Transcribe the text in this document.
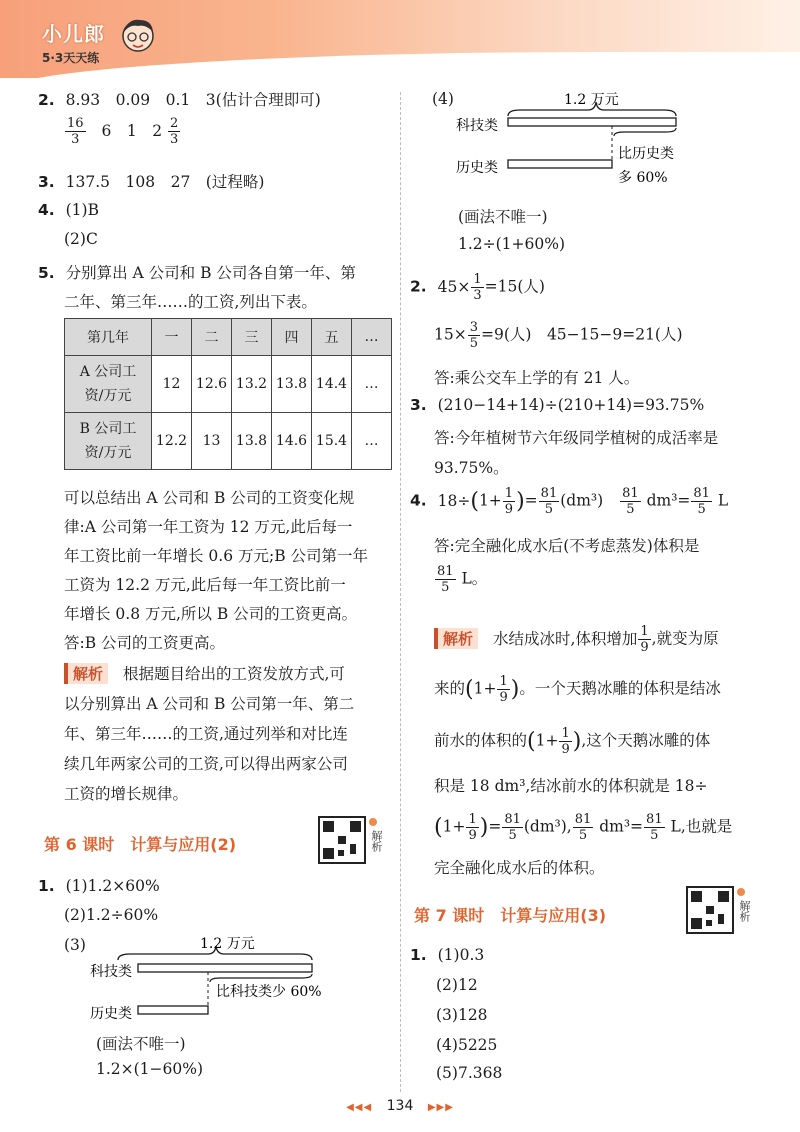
小儿郎
5·3天天练
2. 8.93　0.09　0.1　3(估计合理即可)
$\frac{16}{3} 6$　1　$2 \frac{2}{3}$
3. 137.5　108　27　(过程略)
4. (1)B
(2)C
5. 分别算出 A 公司和 B 公司各自第一年、第
二年、第三年……的工资,列出下表。
第几年	一	二	三	四	五	…
A 公司工
资/万元	12	12.6	13.2	13.8	14.4	…
B 公司工
资/万元	12.2	13	13.8	14.6	15.4	…
可以总结出 A 公司和 B 公司的工资变化规
律:A 公司第一年工资为 12 万元,此后每一
年工资比前一年增长 0.6 万元;B 公司第一年
工资为 12.2 万元,此后每一年工资比前一
年增长 0.8 万元,所以 B 公司的工资更高。
答:B 公司的工资更高。
解析 根据题目给出的工资发放方式,可
以分别算出 A 公司和 B 公司第一年、第二
年、第三年……的工资,通过列举和对比连
续几年两家公司的工资,可以得出两家公司
工资的增长规律。
第 6 课时　计算与应用(2)	解析
1. (1)1.2×60%
(2)1.2÷60%
(3)	1.2 万元
科技类
比科技类少 60%
历史类
(画法不唯一)
1.2×(1−60%)
(4)	1.2 万元
科技类
历史类
比历史类
多 60%
(画法不唯一)
1.2÷(1+60%)
2. $45\times \frac{1}{3} =15$(人)
$15\times \frac{3}{5} =9$(人)　45−15−9=21(人)
答:乘公交车上学的有 21 人。
3. (210−14+14)÷(210+14)=93.75%
答:今年植树节六年级同学植树的成活率是
93.75%。
4. $18\div(1+ \frac{1}{9}$ )= $\frac{81}{5} (dm^3) \frac{81}{5} dm^3= \frac{81}{5}$ L
答:完全融化成水后(不考虑蒸发)体积是
$\frac{81}{5}$ L。
解析 水结成冰时,体积增加 $\frac{1}{9}$ ,就变为原
来的($1+ \frac{1}{9}$ )。一个天鹅冰雕的体积是结冰
前水的体积的($1+ \frac{1}{9}$ ),这个天鹅冰雕的体
积是 18 dm³,结冰前水的体积就是 18÷
($1+ \frac{1}{9}$ )= $\frac{81}{5} (dm^3)$, $\frac{81}{5} dm^3= \frac{81}{5} L$,也就是
完全融化成水后的体积。
第 7 课时　计算与应用(3)	解析
1. (1)0.3
(2)12
(3)128
(4)5225
(5)7.368
◀◀◀ 134 ▶▶▶
